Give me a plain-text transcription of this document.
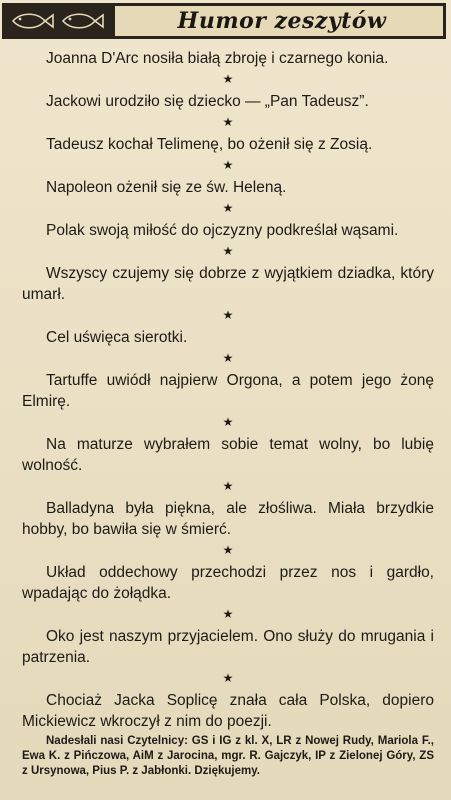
Humor zeszytów

Joanna D'Arc nosiła białą zbroję i czarnego konia.

★

Jackowi urodziło się dziecko — „Pan Tadeusz”.

★

Tadeusz kochał Telimenę, bo ożenił się z Zosią.

★

Napoleon ożenił się ze św. Heleną.

★

Polak swoją miłość do ojczyzny podkreślał wąsami.

★

Wszyscy czujemy się dobrze z wyjątkiem dziadka, który umarł.

★

Cel uświęca sierotki.

★

Tartuffe uwiódł najpierw Orgona, a potem jego żonę Elmirę.

★

Na maturze wybrałem sobie temat wolny, bo lubię wolność.

★

Balladyna była piękna, ale złośliwa. Miała brzydkie hobby, bo bawiła się w śmierć.

★

Układ oddechowy przechodzi przez nos i gardło, wpadając do żołądka.

★

Oko jest naszym przyjacielem. Ono służy do mrugania i patrzenia.

★

Chociaż Jacka Soplicę znała cała Polska, dopiero Mickiewicz wkroczył z nim do poezji.

Nadesłali nasi Czytelnicy: GS i IG z kl. X, LR z Nowej Rudy, Mariola F., Ewa K. z Pińczowa, AiM z Jarocina, mgr. R. Gajczyk, IP z Zielonej Góry, ZS z Ursynowa, Pius P. z Jabłonki. Dziękujemy.
